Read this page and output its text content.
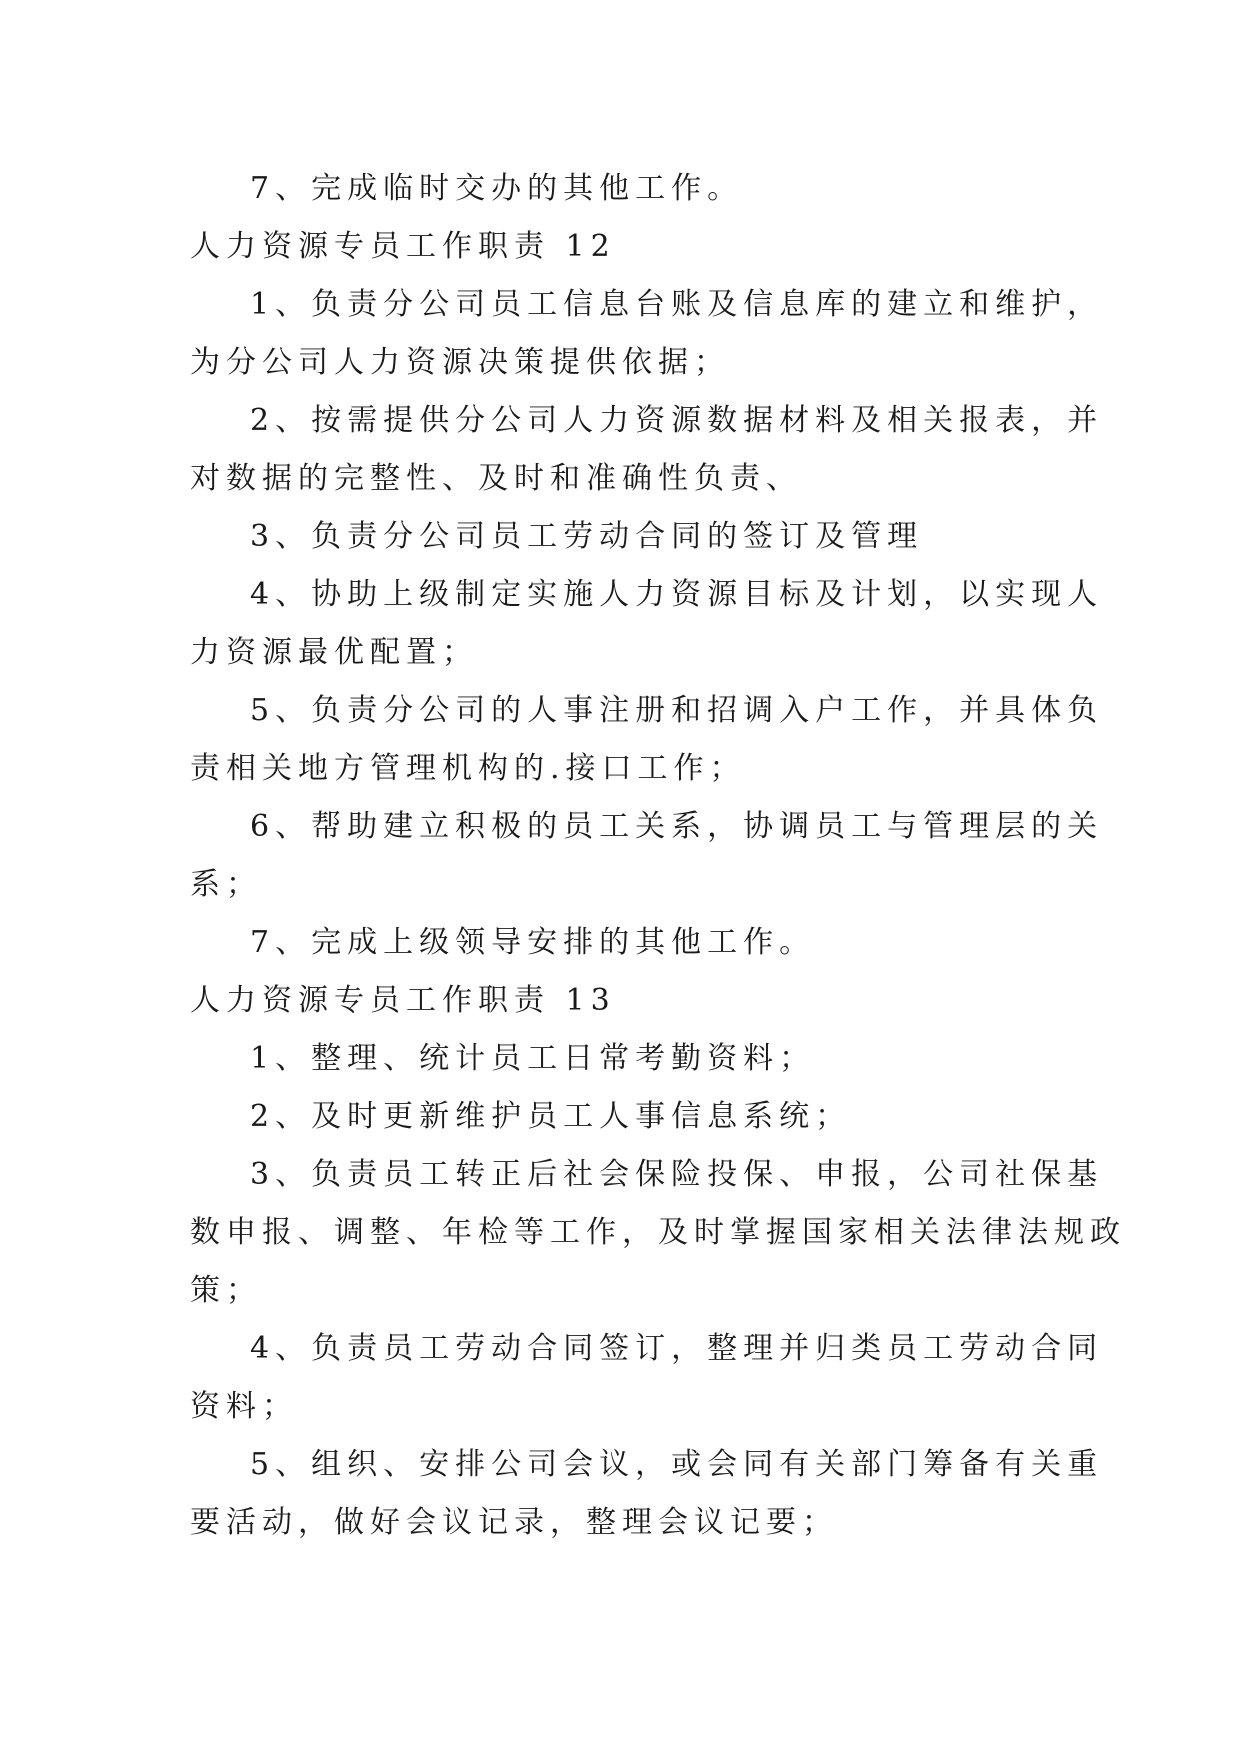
7、完成临时交办的其他工作。
人力资源专员工作职责 12
1、负责分公司员工信息台账及信息库的建立和维护，
为分公司人力资源决策提供依据；
2、按需提供分公司人力资源数据材料及相关报表，并
对数据的完整性、及时和准确性负责、
3、负责分公司员工劳动合同的签订及管理
4、协助上级制定实施人力资源目标及计划，以实现人
力资源最优配置；
5、负责分公司的人事注册和招调入户工作，并具体负
责相关地方管理机构的.接口工作；
6、帮助建立积极的员工关系，协调员工与管理层的关
系；
7、完成上级领导安排的其他工作。
人力资源专员工作职责 13
1、整理、统计员工日常考勤资料；
2、及时更新维护员工人事信息系统；
3、负责员工转正后社会保险投保、申报，公司社保基
数申报、调整、年检等工作，及时掌握国家相关法律法规政
策；
4、负责员工劳动合同签订，整理并归类员工劳动合同
资料；
5、组织、安排公司会议，或会同有关部门筹备有关重
要活动，做好会议记录，整理会议记要；
